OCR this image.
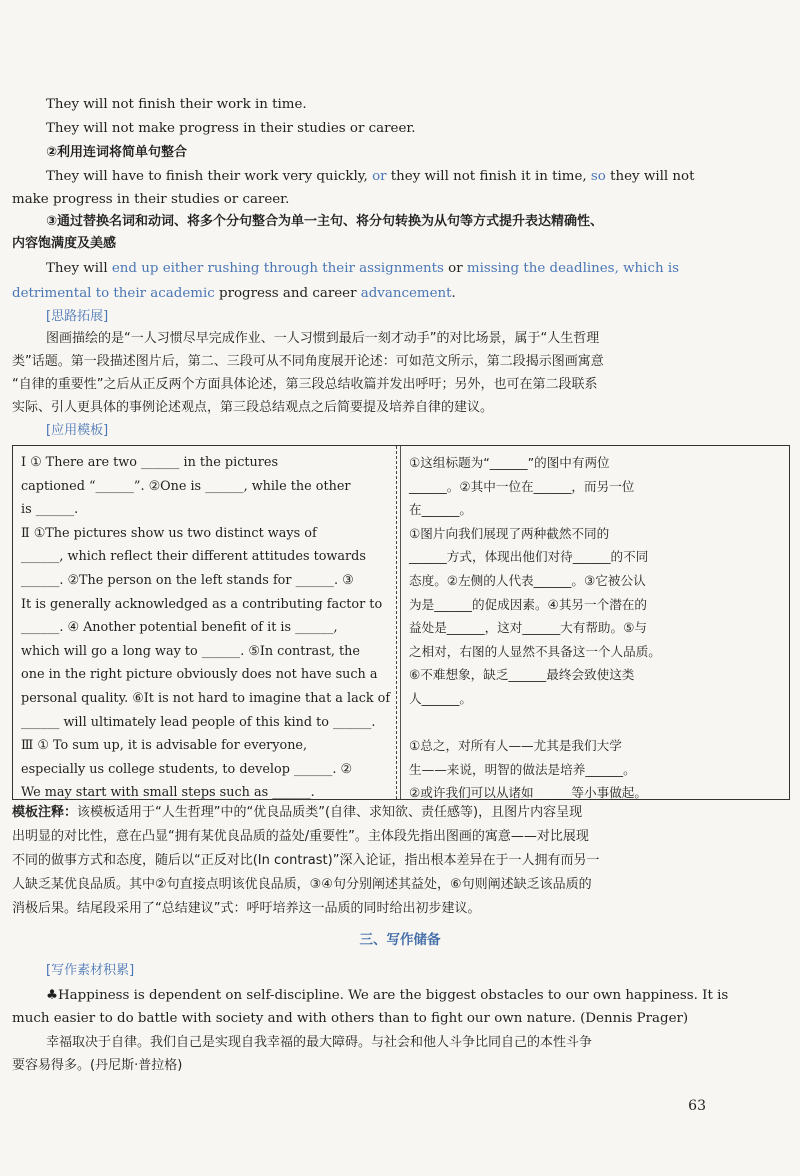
They will not finish their work in time.
They will not make progress in their studies or career.
②利用连词将简单句整合
They will have to finish their work very quickly, or they will not finish it in time, so they will not
make progress in their studies or career.
③通过替换名词和动词、将多个分句整合为单一主句、将分句转换为从句等方式提升表达精确性、
内容饱满度及美感
They will end up either rushing through their assignments or missing the deadlines, which is
detrimental to their academic progress and career advancement.
[思路拓展]
图画描绘的是“一人习惯尽早完成作业、一人习惯到最后一刻才动手”的对比场景，属于“人生哲理
类”话题。第一段描述图片后，第二、三段可从不同角度展开论述：可如范文所示，第二段揭示图画寓意
“自律的重要性”之后从正反两个方面具体论述，第三段总结收篇并发出呼吁；另外，也可在第二段联系
实际、引人更具体的事例论述观点，第三段总结观点之后简要提及培养自律的建议。
[应用模板]

Ⅰ ① There are two ______ in the pictures

captioned “______”. ②One is ______, while the other

is ______.

Ⅱ ①The pictures show us two distinct ways of

______, which reflect their different attitudes towards

______. ②The person on the left stands for ______. ③

It is generally acknowledged as a contributing factor to

______. ④ Another potential benefit of it is ______,

which will go a long way to ______. ⑤In contrast, the

one in the right picture obviously does not have such a

personal quality. ⑥It is not hard to imagine that a lack of

______ will ultimately lead people of this kind to ______.

Ⅲ ① To sum up, it is advisable for everyone,

especially us college students, to develop ______. ②

We may start with small steps such as ______.

①这组标题为“______”的图中有两位

______。②其中一位在______，而另一位

在______。

①图片向我们展现了两种截然不同的

______方式，体现出他们对待______的不同

态度。②左侧的人代表______。③它被公认

为是______的促成因素。④其另一个潜在的

益处是______，这对______大有帮助。⑤与

之相对，右图的人显然不具备这一个人品质。

⑥不难想象，缺乏______最终会致使这类

人______。

①总之，对所有人——尤其是我们大学

生——来说，明智的做法是培养______。

②或许我们可以从诸如______等小事做起。

模板注释：该模板适用于“人生哲理”中的“优良品质类”(自律、求知欲、责任感等)，且图片内容呈现
出明显的对比性，意在凸显“拥有某优良品质的益处/重要性”。主体段先指出图画的寓意——对比展现
不同的做事方式和态度，随后以“正反对比(In contrast)”深入论证，指出根本差异在于一人拥有而另一
人缺乏某优良品质。其中②句直接点明该优良品质，③④句分别阐述其益处，⑥句则阐述缺乏该品质的
消极后果。结尾段采用了“总结建议”式：呼吁培养这一品质的同时给出初步建议。
三、写作储备
[写作素材积累]
♣Happiness is dependent on self-discipline. We are the biggest obstacles to our own happiness. It is
much easier to do battle with society and with others than to fight our own nature. (Dennis Prager)
幸福取决于自律。我们自己是实现自我幸福的最大障碍。与社会和他人斗争比同自己的本性斗争
要容易得多。(丹尼斯·普拉格)
63
